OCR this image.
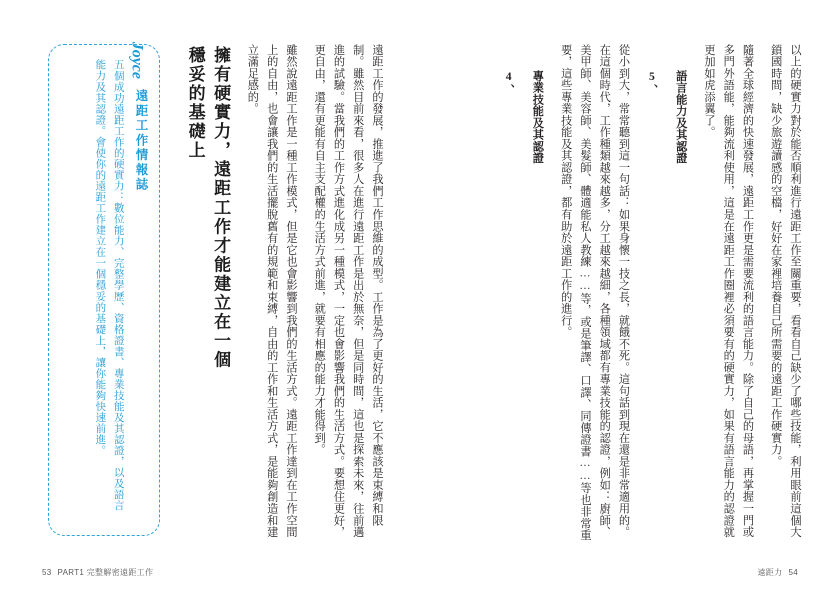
Joyce
遠距工作情報誌
五個成功遠距工作的硬實力：數位能力、完整學歷、資格證書、專業技能及其認證，以及語言能力及其認證。會使你的遠距工作建立在一個穩妥的基礎上，讓你能夠快速前進。	擁有硬實力，遠距工作才能建立在一個穩妥的基礎上	雖然說遠距工作是一種工作模式，但是它也會影響到我們的生活方式。遠距工作達到在工作空間上的自由，也會讓我們的生活擺脫舊有的規範和束縛，自由的工作和生活方式，是能夠創造和建立滿足感的。	遠距工作的發展，推進了我們工作思維的成型。工作是為了更好的生活，它不應該是束縛和限制。雖然目前來看，很多人在進行遠距工作是出於無奈，但是同時間，這也是探索未來，往前邁進的試驗。當我們的工作方式進化成另一種模式，一定也會影響我們的生活方式。要想住更好，更自由，還有更能有自主支配權的生活方式前進，就要有相應的能力才能得到。
53 PART1 完整解密遠距工作
4、	專業技能及其認證	從小到大，常常聽到這一句話：如果身懷一技之長，就餓不死。這句話到現在還是非常適用的。在這個時代，工作種類越來越多，分工越來越細，各種領域都有專業技能的認證，例如：廚師、美甲師、美容師、美髮師、體適能私人教練……等，或是筆譯、口譯、同傳證書……等也非常重要，這些專業技能及其認證，都有助於遠距工作的進行。	5、	語言能力及其認證	隨著全球經濟的快速發展，遠距工作更是需要流利的語言能力。除了自己的母語，再掌握一門或多門外語能，能夠流利使用，這是在遠距工作圈裡必須要有的硬實力，如果有語言能力的認證就更加如虎添翼了。	以上的硬實力對於能否順利進行遠距工作至關重要，看看自己缺少了哪些技能，利用眼前這個大鎖國時間，缺少旅遊讀感的空檔，好好在家裡培養自己所需要的遠距工作硬實力。
遠距力 54
